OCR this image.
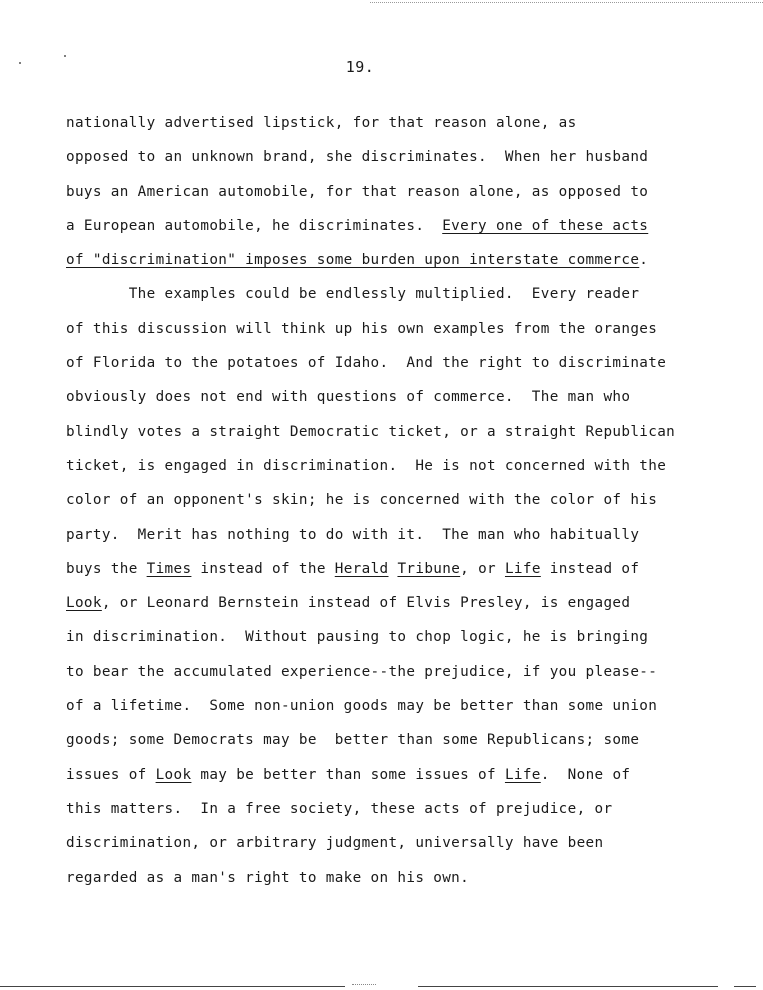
19.
nationally advertised lipstick, for that reason alone, as
opposed to an unknown brand, she discriminates.  When her husband
buys an American automobile, for that reason alone, as opposed to
a European automobile, he discriminates.  Every one of these acts
of "discrimination" imposes some burden upon interstate commerce.
The examples could be endlessly multiplied.  Every reader
of this discussion will think up his own examples from the oranges
of Florida to the potatoes of Idaho.  And the right to discriminate
obviously does not end with questions of commerce.  The man who
blindly votes a straight Democratic ticket, or a straight Republican
ticket, is engaged in discrimination.  He is not concerned with the
color of an opponent's skin; he is concerned with the color of his
party.  Merit has nothing to do with it.  The man who habitually
buys the Times instead of the Herald Tribune, or Life instead of
Look, or Leonard Bernstein instead of Elvis Presley, is engaged
in discrimination.  Without pausing to chop logic, he is bringing
to bear the accumulated experience--the prejudice, if you please--
of a lifetime.  Some non-union goods may be better than some union
goods; some Democrats may be  better than some Republicans; some
issues of Look may be better than some issues of Life.  None of
this matters.  In a free society, these acts of prejudice, or
discrimination, or arbitrary judgment, universally have been
regarded as a man's right to make on his own.
